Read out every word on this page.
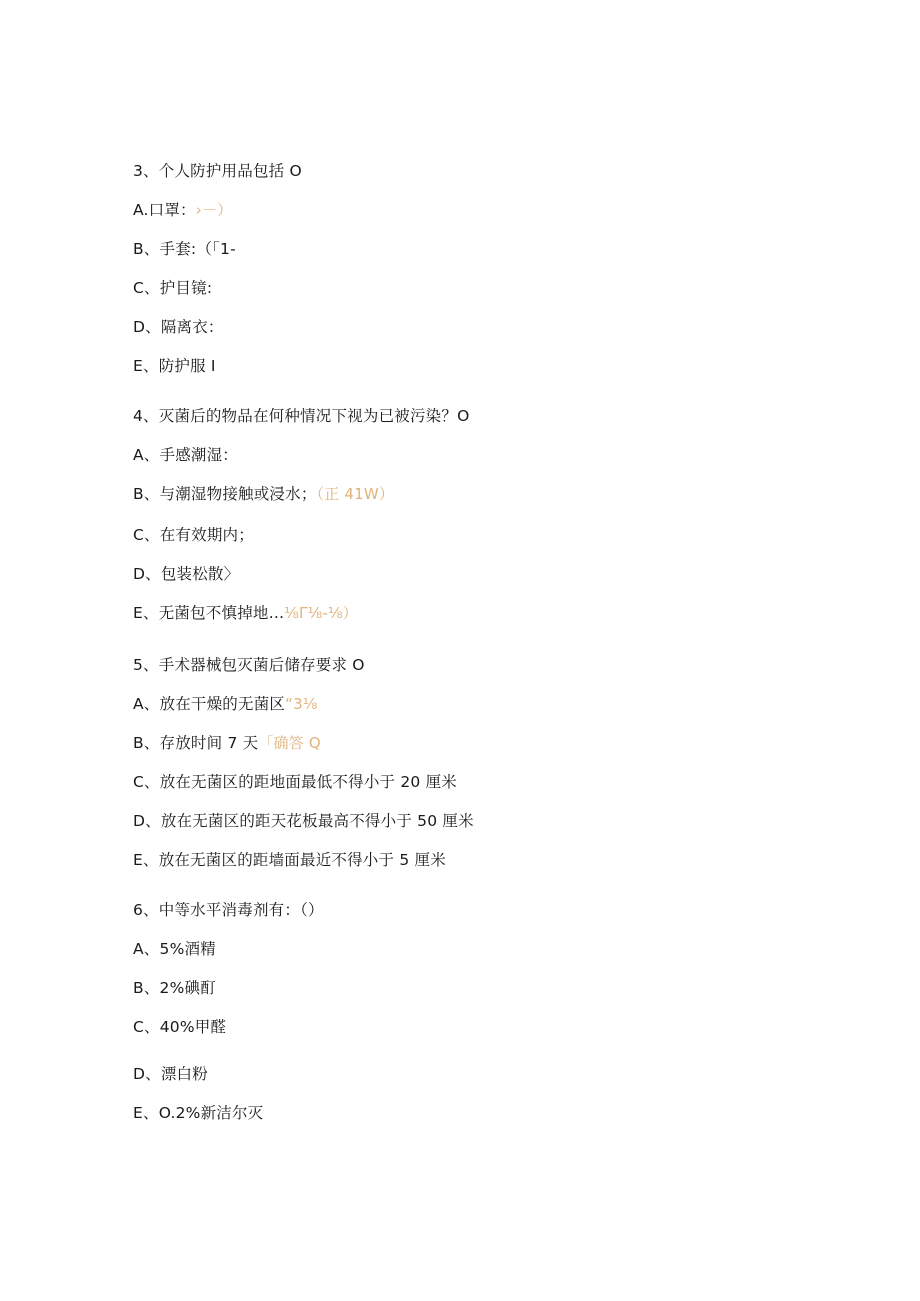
3、个人防护用品包括 O
A.口罩：›－）
B、手套:（「1-
C、护目镜:
D、隔离衣：
E、防护服 I
4、灭菌后的物品在何种情况下视为已被污染？O
A、手感潮湿：
B、与潮湿物接触或浸水；（正 41W）
C、在有效期内；
D、包装松散〉
E、无菌包不慎掉地…⅛Γ⅛-⅛）
5、手术器械包灭菌后储存要求 O
A、放在干燥的无菌区“3⅛
B、存放时间 7 天「确答 Q
C、放在无菌区的距地面最低不得小于 20 厘米
D、放在无菌区的距天花板最高不得小于 50 厘米
E、放在无菌区的距墙面最近不得小于 5 厘米
6、中等水平消毒剂有：（）
A、5%酒精
B、2%碘酊
C、40%甲醛
D、漂白粉
E、O.2%新洁尔灭
